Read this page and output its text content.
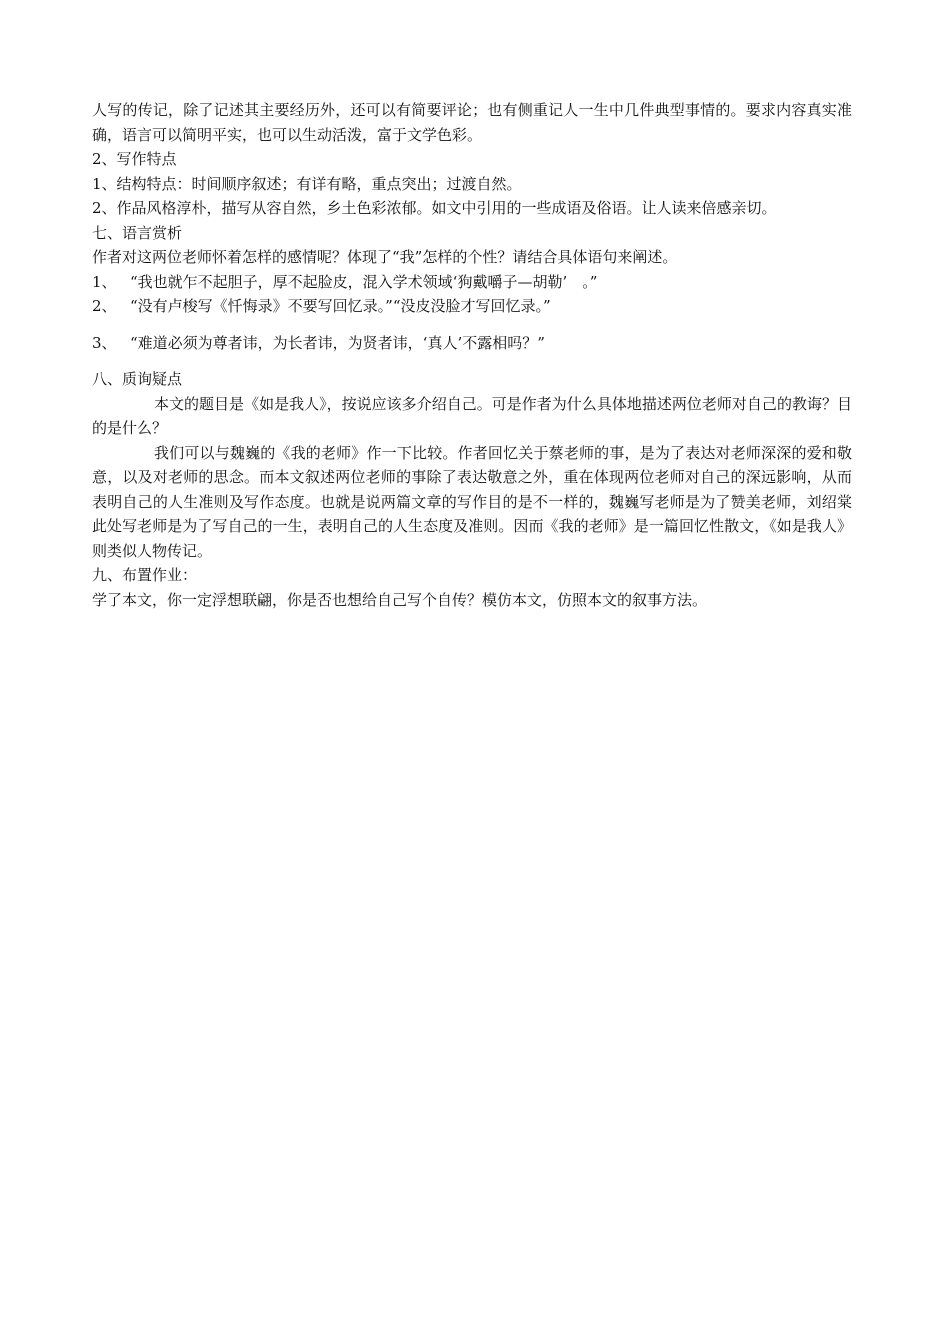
人写的传记，除了记述其主要经历外，还可以有简要评论；也有侧重记人一生中几件典型事情的。要求内容真实准确，语言可以简明平实，也可以生动活泼，富于文学色彩。
2、写作特点
1、结构特点：时间顺序叙述；有详有略，重点突出；过渡自然。
2、作品风格淳朴，描写从容自然，乡土色彩浓郁。如文中引用的一些成语及俗语。让人读来倍感亲切。
七、语言赏析
作者对这两位老师怀着怎样的感情呢？体现了“我”怎样的个性？请结合具体语句来阐述。
1、 “我也就乍不起胆子，厚不起脸皮，混入学术领域‘狗戴嚼子—胡勒’　。”
2、 “没有卢梭写《忏悔录》不要写回忆录。”“没皮没脸才写回忆录。”
3、 “难道必须为尊者讳，为长者讳，为贤者讳，‘真人’不露相吗？”
八、质询疑点
本文的题目是《如是我人》，按说应该多介绍自己。可是作者为什么具体地描述两位老师对自己的教诲？目的是什么？
我们可以与魏巍的《我的老师》作一下比较。作者回忆关于蔡老师的事，是为了表达对老师深深的爱和敬意，以及对老师的思念。而本文叙述两位老师的事除了表达敬意之外，重在体现两位老师对自己的深远影响，从而表明自己的人生准则及写作态度。也就是说两篇文章的写作目的是不一样的，魏巍写老师是为了赞美老师，刘绍棠此处写老师是为了写自己的一生，表明自己的人生态度及准则。因而《我的老师》是一篇回忆性散文，《如是我人》则类似人物传记。
九、布置作业：
学了本文，你一定浮想联翩，你是否也想给自己写个自传？模仿本文，仿照本文的叙事方法。
